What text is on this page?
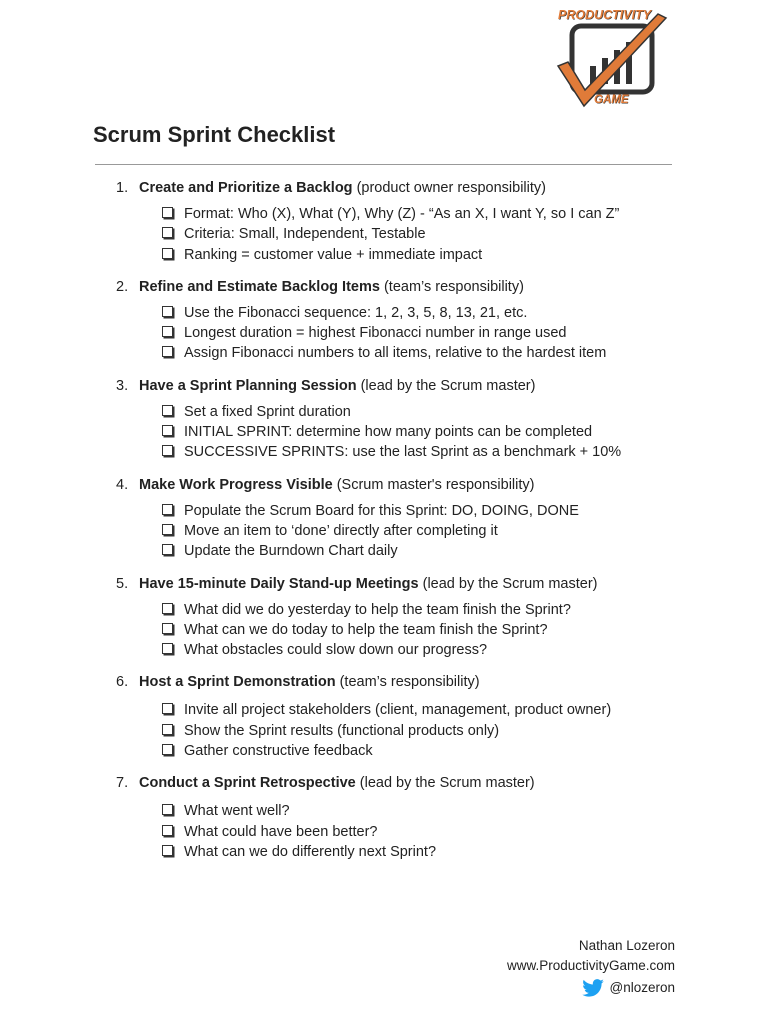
PRODUCTIVITY
GAME
Scrum Sprint Checklist
1. Create and Prioritize a Backlog (product owner responsibility)
Format: Who (X), What (Y), Why (Z) - “As an X, I want Y, so I can Z”
Criteria: Small, Independent, Testable
Ranking = customer value + immediate impact
2. Refine and Estimate Backlog Items (team’s responsibility)
Use the Fibonacci sequence: 1, 2, 3, 5, 8, 13, 21, etc.
Longest duration = highest Fibonacci number in range used
Assign Fibonacci numbers to all items, relative to the hardest item
3. Have a Sprint Planning Session (lead by the Scrum master)
Set a fixed Sprint duration
INITIAL SPRINT: determine how many points can be completed
SUCCESSIVE SPRINTS: use the last Sprint as a benchmark + 10%
4. Make Work Progress Visible (Scrum master's responsibility)
Populate the Scrum Board for this Sprint: DO, DOING, DONE
Move an item to ‘done’ directly after completing it
Update the Burndown Chart daily
5. Have 15-minute Daily Stand-up Meetings (lead by the Scrum master)
What did we do yesterday to help the team finish the Sprint?
What can we do today to help the team finish the Sprint?
What obstacles could slow down our progress?
6. Host a Sprint Demonstration (team’s responsibility)
Invite all project stakeholders (client, management, product owner)
Show the Sprint results (functional products only)
Gather constructive feedback
7. Conduct a Sprint Retrospective (lead by the Scrum master)
What went well?
What could have been better?
What can we do differently next Sprint?
Nathan Lozeron
www.ProductivityGame.com
@nlozeron
